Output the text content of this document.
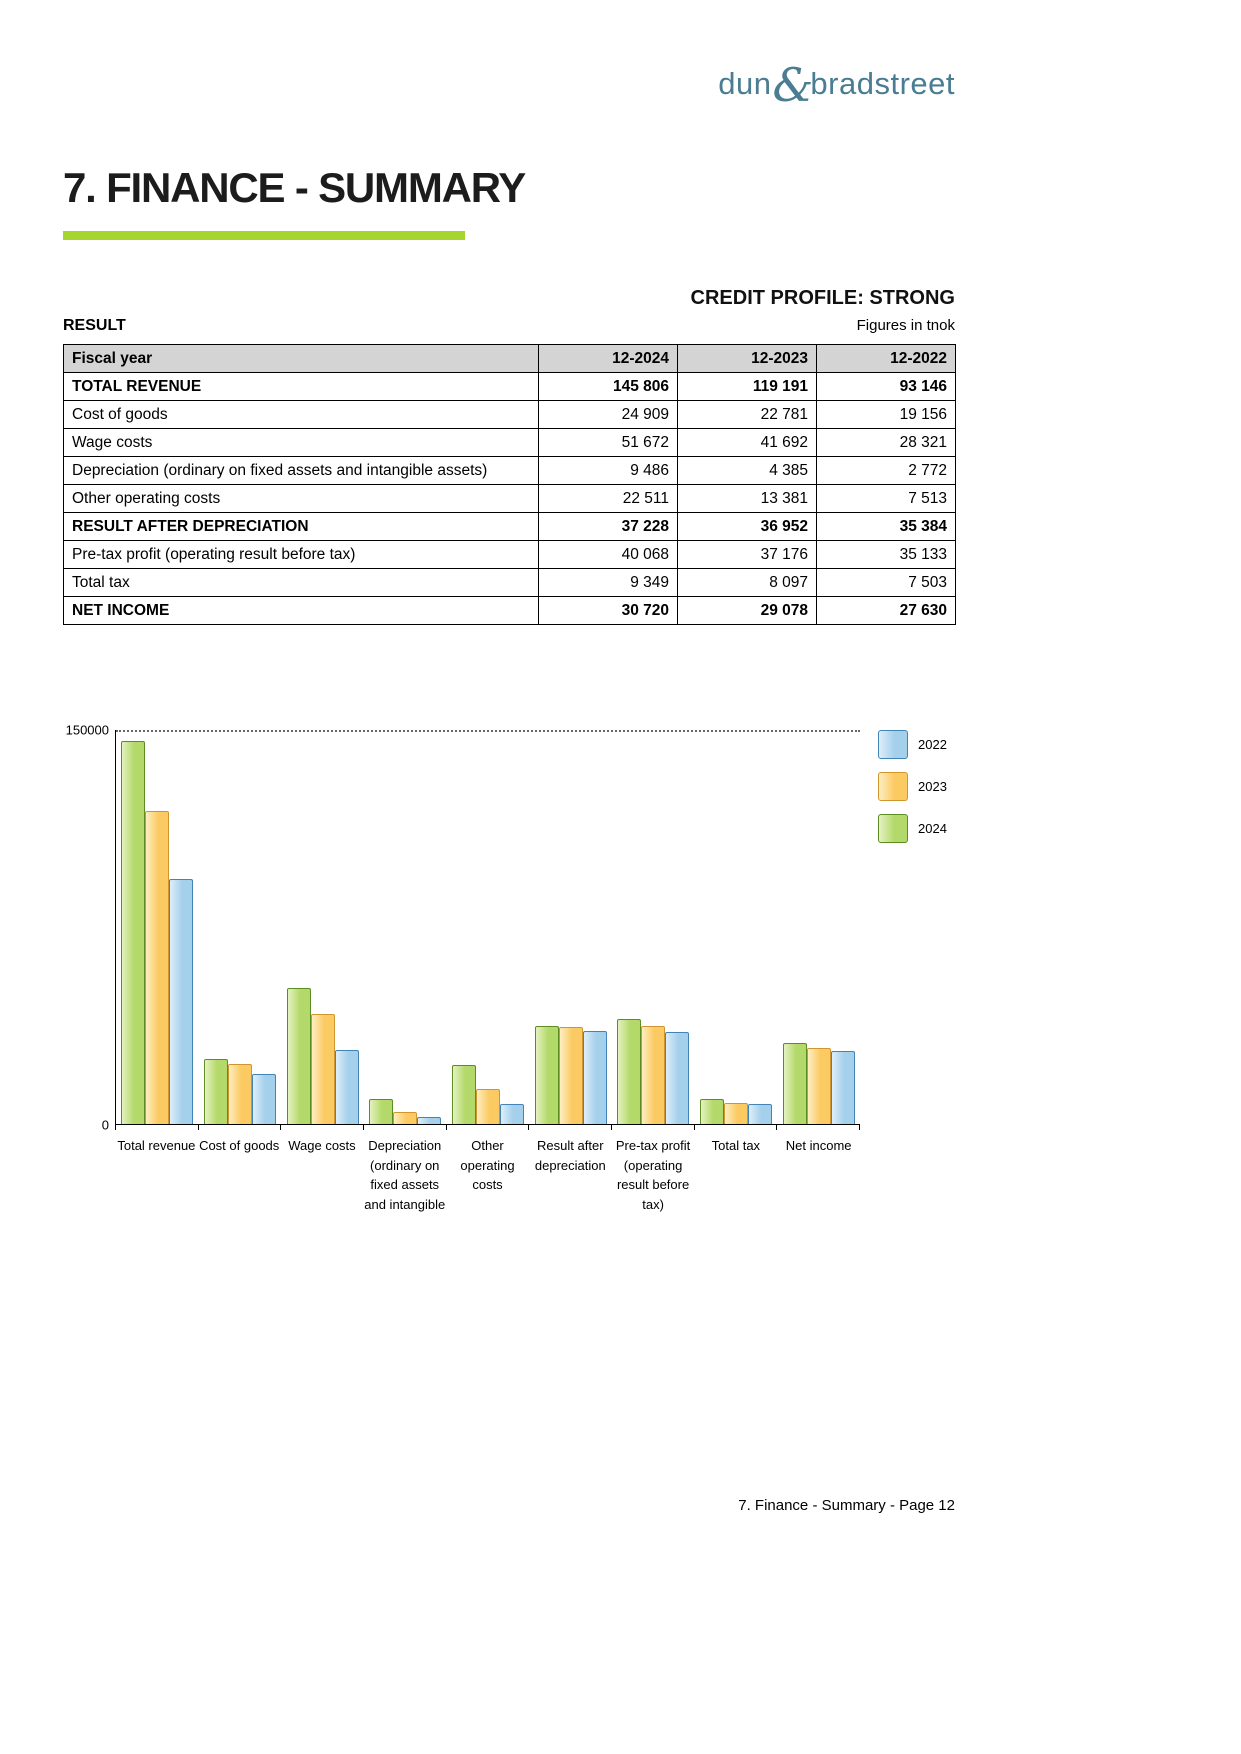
dun&bradstreet
7. FINANCE - SUMMARY
CREDIT PROFILE: STRONG
RESULT	Figures in tnok
Fiscal year	12-2024	12-2023	12-2022
TOTAL REVENUE	145 806	119 191	93 146
Cost of goods	24 909	22 781	19 156
Wage costs	51 672	41 692	28 321
Depreciation (ordinary on fixed assets and intangible assets)	9 486	4 385	2 772
Other operating costs	22 511	13 381	7 513
RESULT AFTER DEPRECIATION	37 228	36 952	35 384
Pre-tax profit (operating result before tax)	40 068	37 176	35 133
Total tax	9 349	8 097	7 503
NET INCOME	30 720	29 078	27 630
150000
0
Total revenue Cost of goods Wage costs Depreciation
(ordinary on
fixed assets
and intangible
Other
operating
costs
Result after
depreciation
Pre-tax profit
(operating
result before
tax)
Total tax	Net income
2022
2023
2024
7. Finance - Summary - Page 12
